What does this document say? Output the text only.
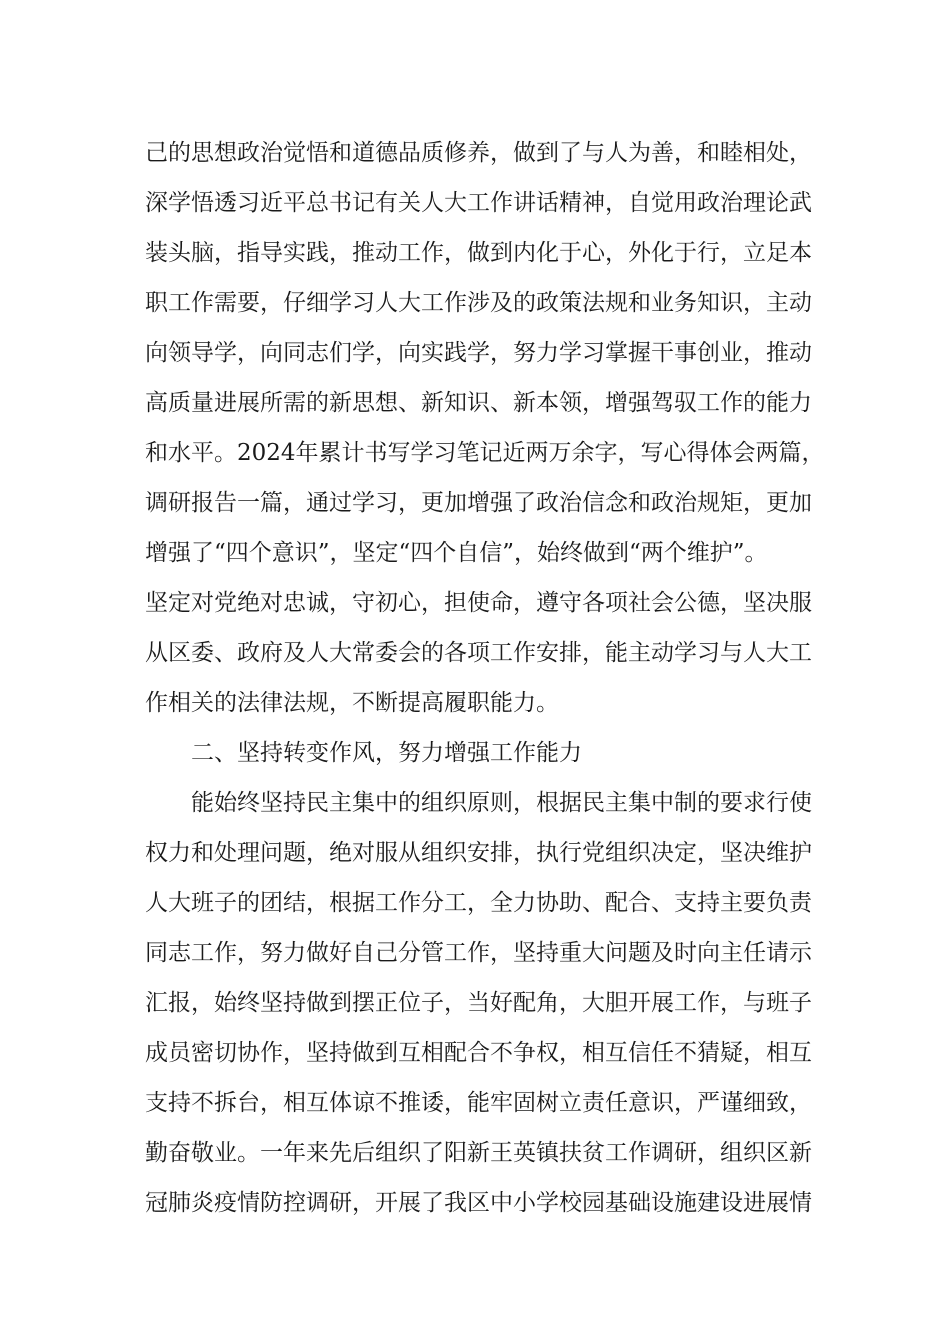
己的思想政治觉悟和道德品质修养，做到了与人为善，和睦相处，
深学悟透习近平总书记有关人大工作讲话精神，自觉用政治理论武
装头脑，指导实践，推动工作，做到内化于心，外化于行，立足本
职工作需要，仔细学习人大工作涉及的政策法规和业务知识，主动
向领导学，向同志们学，向实践学，努力学习掌握干事创业，推动
高质量进展所需的新思想、新知识、新本领，增强驾驭工作的能力
和水平。2024年累计书写学习笔记近两万余字，写心得体会两篇，
调研报告一篇，通过学习，更加增强了政治信念和政治规矩，更加
增强了“四个意识”，坚定“四个自信”，始终做到“两个维护”。
坚定对党绝对忠诚，守初心，担使命，遵守各项社会公德，坚决服
从区委、政府及人大常委会的各项工作安排，能主动学习与人大工
作相关的法律法规，不断提高履职能力。
二、坚持转变作风，努力增强工作能力
能始终坚持民主集中的组织原则，根据民主集中制的要求行使
权力和处理问题，绝对服从组织安排，执行党组织决定，坚决维护
人大班子的团结，根据工作分工，全力协助、配合、支持主要负责
同志工作，努力做好自己分管工作，坚持重大问题及时向主任请示
汇报，始终坚持做到摆正位子，当好配角，大胆开展工作，与班子
成员密切协作，坚持做到互相配合不争权，相互信任不猜疑，相互
支持不拆台，相互体谅不推诿，能牢固树立责任意识，严谨细致，
勤奋敬业。一年来先后组织了阳新王英镇扶贫工作调研，组织区新
冠肺炎疫情防控调研，开展了我区中小学校园基础设施建设进展情
